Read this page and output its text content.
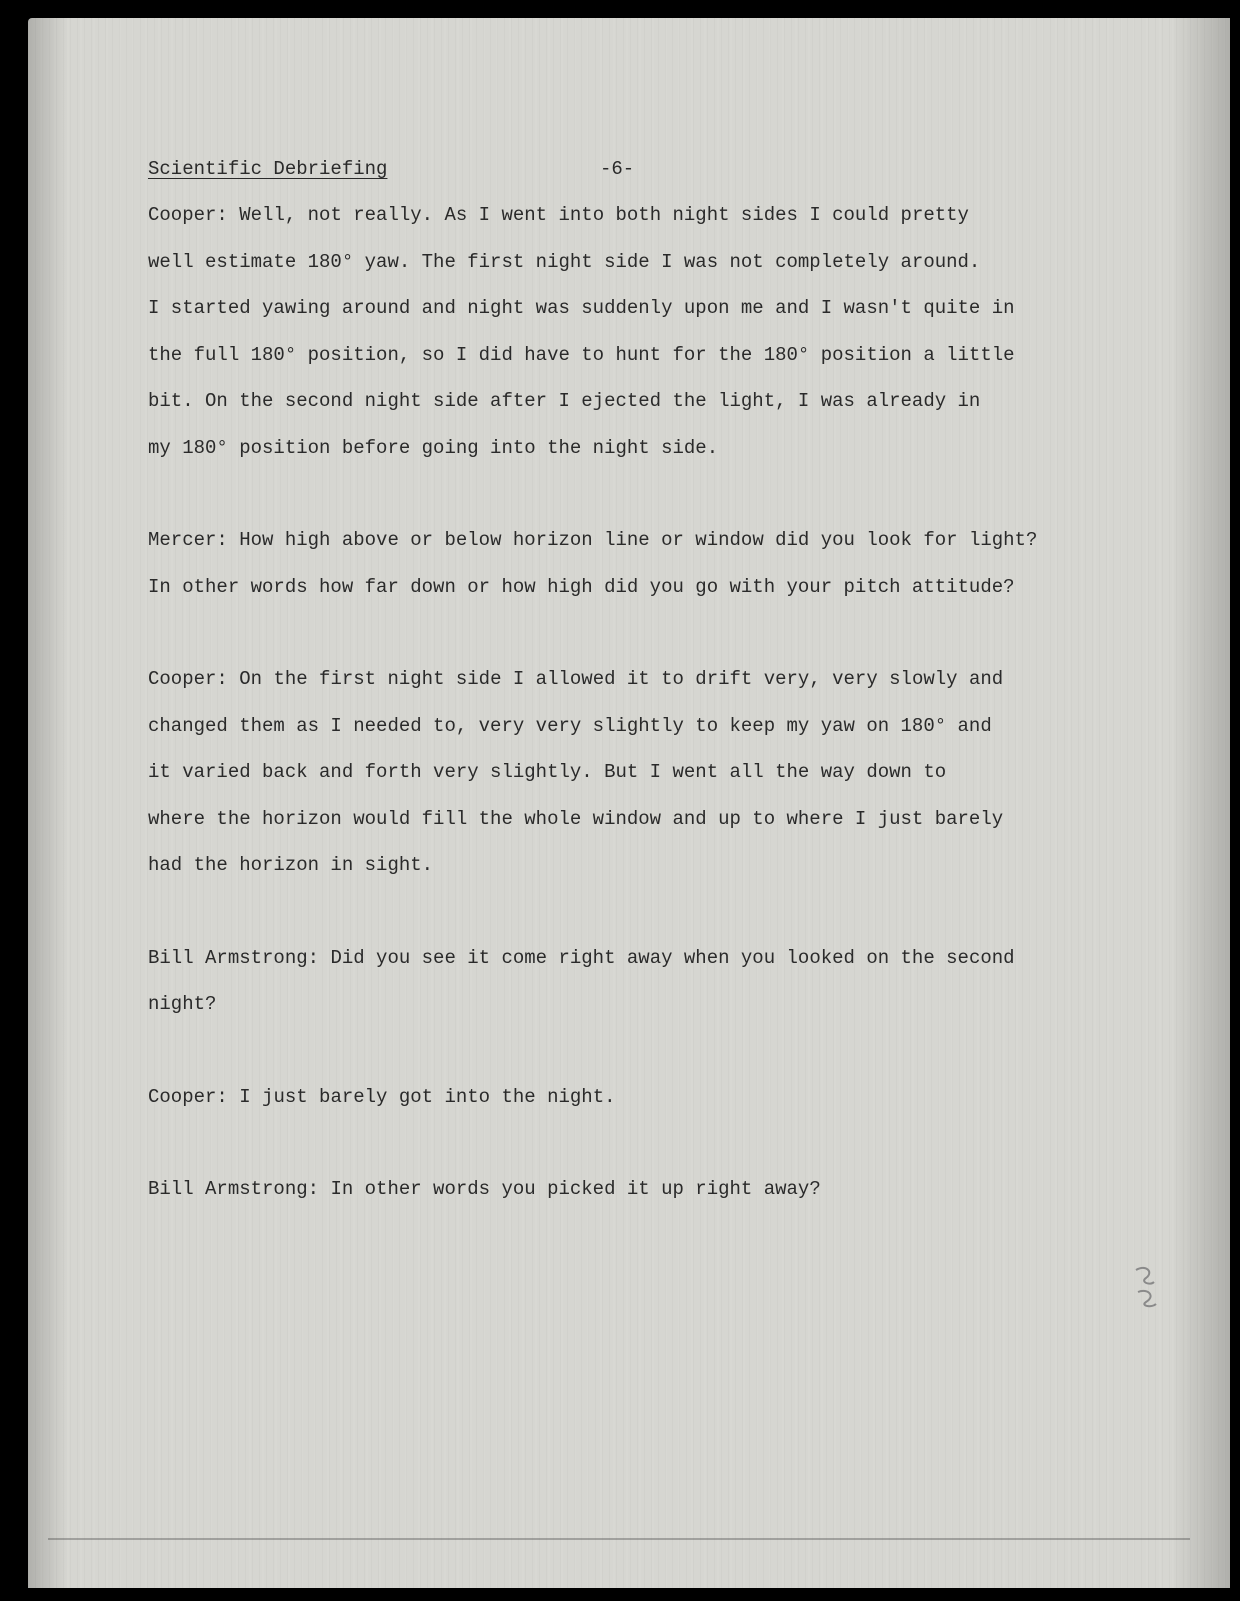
Scientific Debriefing	-6-

Cooper: Well, not really. As I went into both night sides I could pretty
well estimate 180° yaw. The first night side I was not completely around.
I started yawing around and night was suddenly upon me and I wasn't quite in
the full 180° position, so I did have to hunt for the 180° position a little
bit. On the second night side after I ejected the light, I was already in
my 180° position before going into the night side.

Mercer: How high above or below horizon line or window did you look for light?
In other words how far down or how high did you go with your pitch attitude?

Cooper: On the first night side I allowed it to drift very, very slowly and
changed them as I needed to, very very slightly to keep my yaw on 180° and
it varied back and forth very slightly. But I went all the way down to
where the horizon would fill the whole window and up to where I just barely
had the horizon in sight.

Bill Armstrong: Did you see it come right away when you looked on the second
night?

Cooper: I just barely got into the night.

Bill Armstrong: In other words you picked it up right away?
